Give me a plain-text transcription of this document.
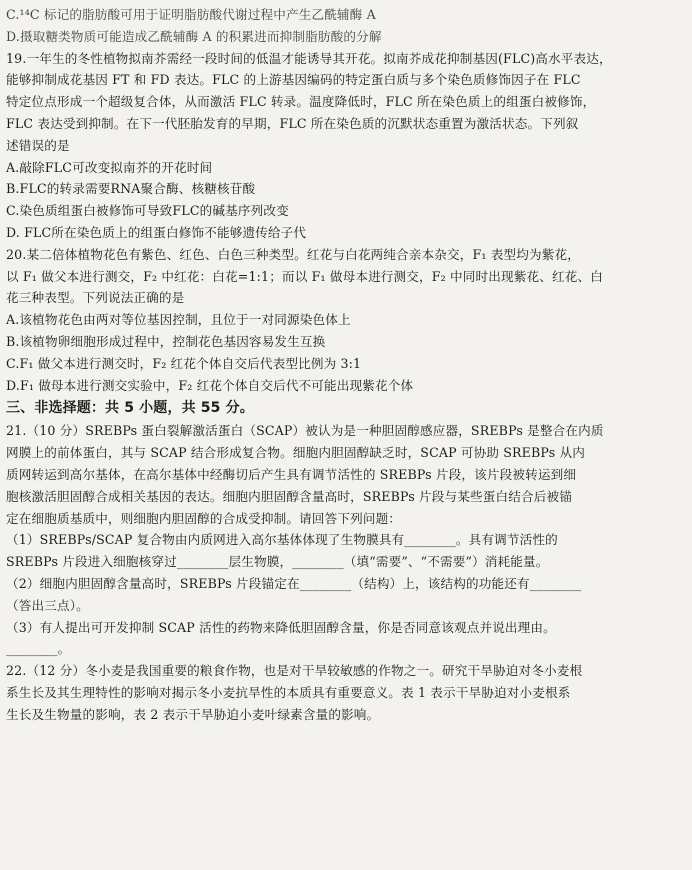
C.¹⁴C 标记的脂肪酸可用于证明脂肪酸代谢过程中产生乙酰辅酶 A
D.摄取糖类物质可能造成乙酰辅酶 A 的积累进而抑制脂肪酸的分解
19.一年生的冬性植物拟南芥需经一段时间的低温才能诱导其开花。拟南芥成花抑制基因(FLC)高水平表达，
能够抑制成花基因 FT 和 FD 表达。FLC 的上游基因编码的特定蛋白质与多个染色质修饰因子在 FLC
特定位点形成一个超级复合体，从而激活 FLC 转录。温度降低时，FLC 所在染色质上的组蛋白被修饰，
FLC 表达受到抑制。在下一代胚胎发育的早期，FLC 所在染色质的沉默状态重置为激活状态。下列叙
述错误的是
A.敲除FLC可改变拟南芥的开花时间
B.FLC的转录需要RNA聚合酶、核糖核苷酸
C.染色质组蛋白被修饰可导致FLC的碱基序列改变
D. FLC所在染色质上的组蛋白修饰不能够遗传给子代
20.某二倍体植物花色有紫色、红色、白色三种类型。红花与白花两纯合亲本杂交，F₁ 表型均为紫花，
以 F₁ 做父本进行测交，F₂ 中红花：白花=1:1；而以 F₁ 做母本进行测交，F₂ 中同时出现紫花、红花、白
花三种表型。下列说法正确的是
A.该植物花色由两对等位基因控制，且位于一对同源染色体上
B.该植物卵细胞形成过程中，控制花色基因容易发生互换
C.F₁ 做父本进行测交时，F₂ 红花个体自交后代表型比例为 3:1
D.F₁ 做母本进行测交实验中，F₂ 红花个体自交后代不可能出现紫花个体
三、非选择题：共 5 小题，共 55 分。
21.（10 分）SREBPs 蛋白裂解激活蛋白（SCAP）被认为是一种胆固醇感应器，SREBPs 是整合在内质
网膜上的前体蛋白，其与 SCAP 结合形成复合物。细胞内胆固醇缺乏时，SCAP 可协助 SREBPs 从内
质网转运到高尔基体，在高尔基体中经酶切后产生具有调节活性的 SREBPs 片段，该片段被转运到细
胞核激活胆固醇合成相关基因的表达。细胞内胆固醇含量高时，SREBPs 片段与某些蛋白结合后被锚
定在细胞质基质中，则细胞内胆固醇的合成受抑制。请回答下列问题：
（1）SREBPs/SCAP 复合物由内质网进入高尔基体体现了生物膜具有________。具有调节活性的
SREBPs 片段进入细胞核穿过________层生物膜，________（填“需要”、“不需要”）消耗能量。
（2）细胞内胆固醇含量高时，SREBPs 片段锚定在________（结构）上，该结构的功能还有________
（答出三点）。
（3）有人提出可开发抑制 SCAP 活性的药物来降低胆固醇含量，你是否同意该观点并说出理由。
________。
22.（12 分）冬小麦是我国重要的粮食作物，也是对干旱较敏感的作物之一。研究干旱胁迫对冬小麦根
系生长及其生理特性的影响对揭示冬小麦抗旱性的本质具有重要意义。表 1 表示干旱胁迫对小麦根系
生长及生物量的影响，表 2 表示干旱胁迫小麦叶绿素含量的影响。
